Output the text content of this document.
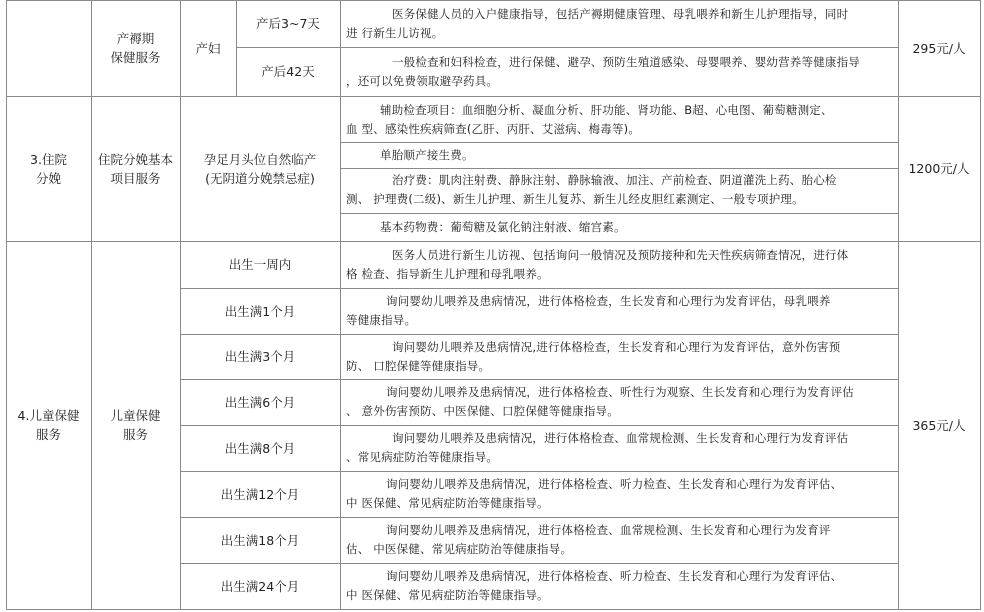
产褥期
保健服务
产妇
产后3~7天
医务保健人员的入户健康指导，包括产褥期健康管理、母乳喂养和新生儿护理指导，同时
进 行新生儿访视。
产后42天
一般检查和妇科检查，进行保健、避孕、预防生殖道感染、母婴喂养、婴幼营养等健康指导
，还可以免费领取避孕药具。
295元/人
3.住院
分娩
住院分娩基本
项目服务
孕足月头位自然临产
(无阴道分娩禁忌症)
辅助检查项目：血细胞分析、凝血分析、肝功能、肾功能、B超、心电图、葡萄糖测定、
血 型、感染性疾病筛查(乙肝、丙肝、艾滋病、梅毒等)。
单胎顺产接生费。
治疗费：肌肉注射费、静脉注射、静脉输液、加注、产前检查、阴道灌洗上药、胎心检
测、 护理费(二级)、新生儿护理、新生儿复苏、新生儿经皮胆红素测定、一般专项护理。
基本药物费：葡萄糖及氯化钠注射液、缩宫素。
1200元/人
4.儿童保健
服务
儿童保健
服务
365元/人
出生一周内
医务人员进行新生儿访视、包括询问一般情况及预防接种和先天性疾病筛查情况，进行体
格 检查、指导新生儿护理和母乳喂养。
出生满1个月
询问婴幼儿喂养及患病情况，进行体格检查，生长发育和心理行为发育评估，母乳喂养
等健康指导。
出生满3个月
询问婴幼儿喂养及患病情况,进行体格检查，生长发育和心理行为发育评估，意外伤害预
防、 口腔保健等健康指导。
出生满6个月
询问婴幼儿喂养及患病情况，进行体格检查、听性行为观察、生长发育和心理行为发育评估
、 意外伤害预防、中医保健、口腔保健等健康指导。
出生满8个月
询问婴幼儿喂养及患病情况，进行体格检查、血常规检测、生长发育和心理行为发育评估
、常见病症防治等健康指导。
出生满12个月
询问婴幼儿喂养及患病情况，进行体格检查、听力检查、生长发育和心理行为发育评估、
中 医保健、常见病症防治等健康指导。
出生满18个月
询问婴幼儿喂养及患病情况，进行体格检查、血常规检测、生长发育和心理行为发育评
估、 中医保健、常见病症防治等健康指导。
出生满24个月
询问婴幼儿喂养及患病情况，进行体格检查、听力检查、生长发育和心理行为发育评估、
中 医保健、常见病症防治等健康指导。
